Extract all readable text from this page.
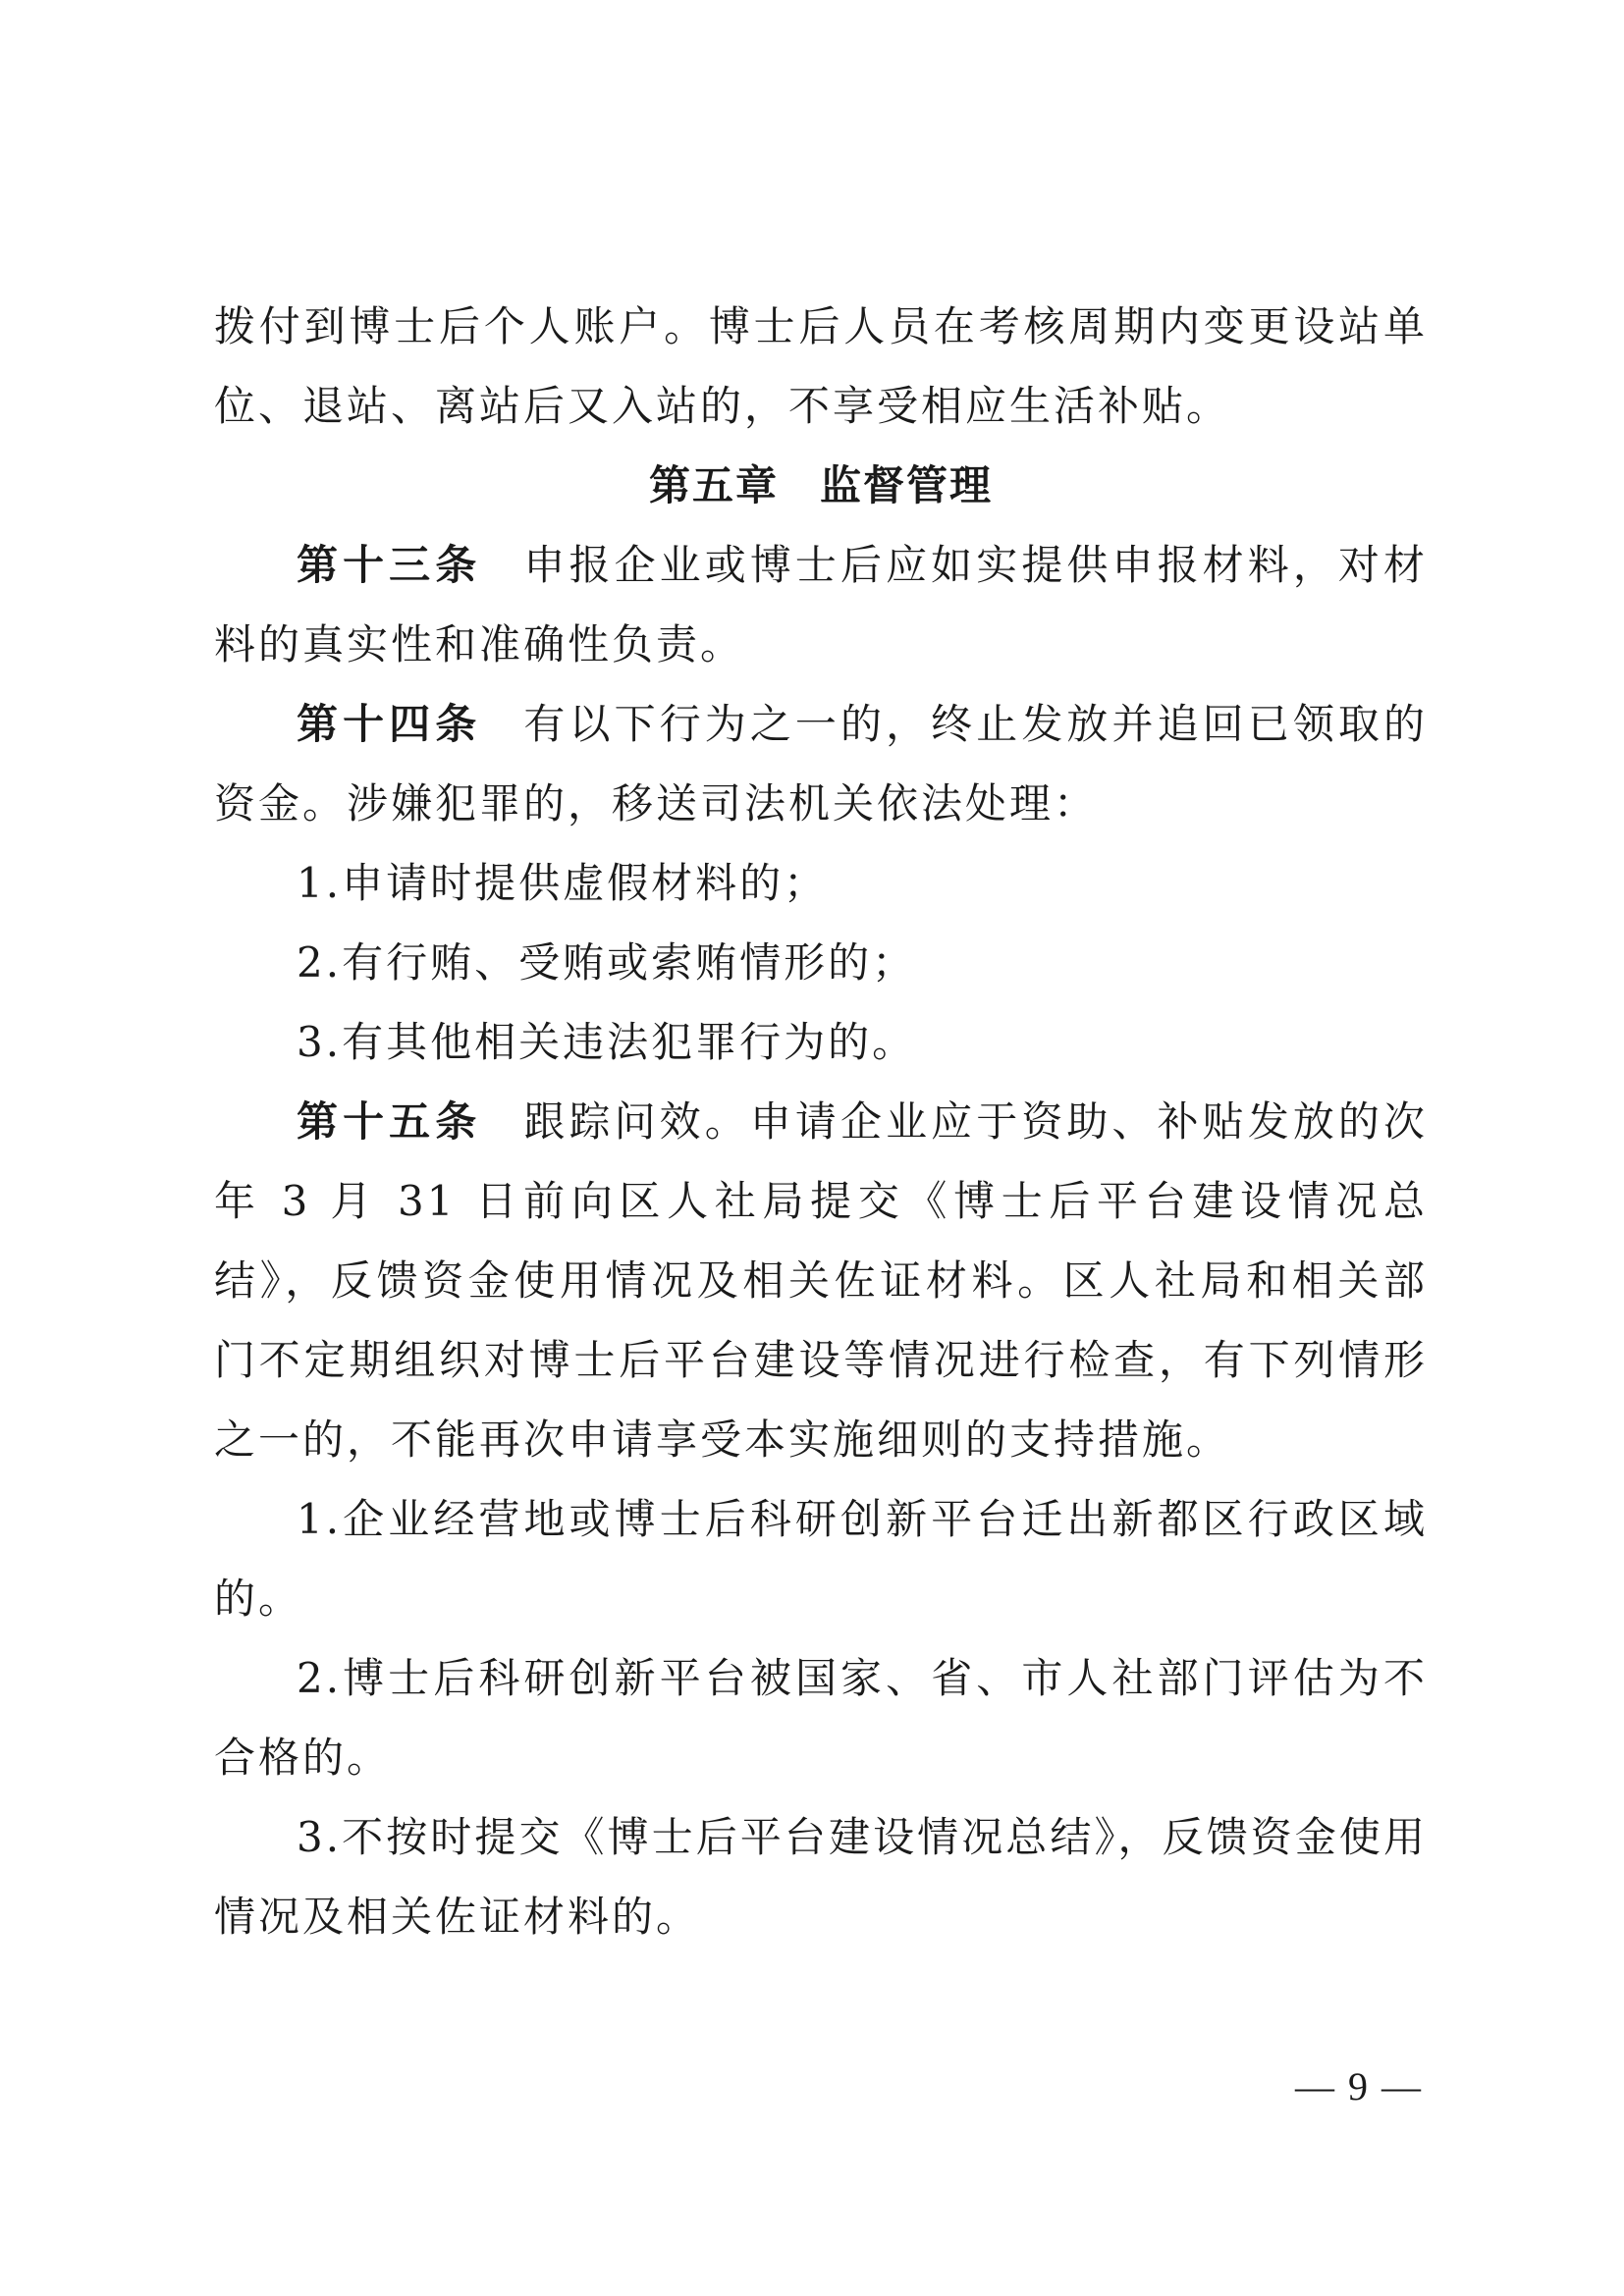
拨付到博士后个人账户。博士后人员在考核周期内变更设站单位、退站、离站后又入站的，不享受相应生活补贴。

第五章 监督管理

第十三条 申报企业或博士后应如实提供申报材料，对材料的真实性和准确性负责。

第十四条 有以下行为之一的，终止发放并追回已领取的资金。涉嫌犯罪的，移送司法机关依法处理：

1.申请时提供虚假材料的；

2.有行贿、受贿或索贿情形的；

3.有其他相关违法犯罪行为的。

第十五条 跟踪问效。申请企业应于资助、补贴发放的次年 3 月 31 日前向区人社局提交《博士后平台建设情况总结》，反馈资金使用情况及相关佐证材料。区人社局和相关部门不定期组织对博士后平台建设等情况进行检查，有下列情形之一的，不能再次申请享受本实施细则的支持措施。

1.企业经营地或博士后科研创新平台迁出新都区行政区域的。

2.博士后科研创新平台被国家、省、市人社部门评估为不合格的。

3.不按时提交《博士后平台建设情况总结》，反馈资金使用情况及相关佐证材料的。

— 9 —
